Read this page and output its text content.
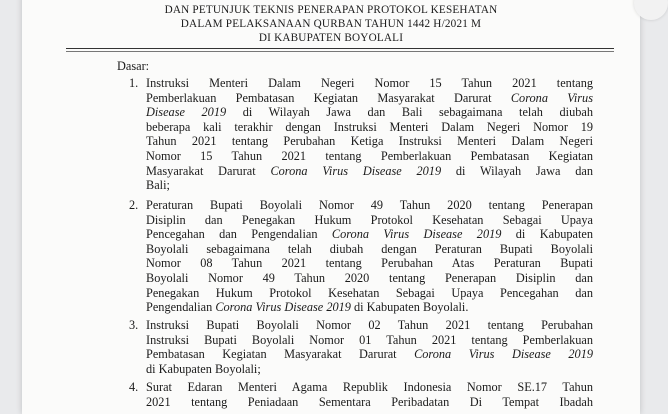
DAN PETUNJUK TEKNIS PENERAPAN PROTOKOL KESEHATAN
DALAM PELAKSANAAN QURBAN TAHUN 1442 H/2021 M
DI KABUPATEN BOYOLALI
Dasar:
1. Instruksi Menteri Dalam Negeri Nomor 15 Tahun 2021 tentang
Pemberlakuan Pembatasan Kegiatan Masyarakat Darurat Corona Virus
Disease 2019 di Wilayah Jawa dan Bali sebagaimana telah diubah
beberapa kali terakhir dengan Instruksi Menteri Dalam Negeri Nomor 19
Tahun 2021 tentang Perubahan Ketiga Instruksi Menteri Dalam Negeri
Nomor 15 Tahun 2021 tentang Pemberlakuan Pembatasan Kegiatan
Masyarakat Darurat Corona Virus Disease 2019 di Wilayah Jawa dan
Bali;
2. Peraturan Bupati Boyolali Nomor 49 Tahun 2020 tentang Penerapan
Disiplin dan Penegakan Hukum Protokol Kesehatan Sebagai Upaya
Pencegahan dan Pengendalian Corona Virus Disease 2019 di Kabupaten
Boyolali sebagaimana telah diubah dengan Peraturan Bupati Boyolali
Nomor 08 Tahun 2021 tentang Perubahan Atas Peraturan Bupati
Boyolali Nomor 49 Tahun 2020 tentang Penerapan Disiplin dan
Penegakan Hukum Protokol Kesehatan Sebagai Upaya Pencegahan dan
Pengendalian Corona Virus Disease 2019 di Kabupaten Boyolali.
3. Instruksi Bupati Boyolali Nomor 02 Tahun 2021 tentang Perubahan
Instruksi Bupati Boyolali Nomor 01 Tahun 2021 tentang Pemberlakuan
Pembatasan Kegiatan Masyarakat Darurat Corona Virus Disease 2019
di Kabupaten Boyolali;
4. Surat Edaran Menteri Agama Republik Indonesia Nomor SE.17 Tahun
2021 tentang Peniadaan Sementara Peribadatan Di Tempat Ibadah
